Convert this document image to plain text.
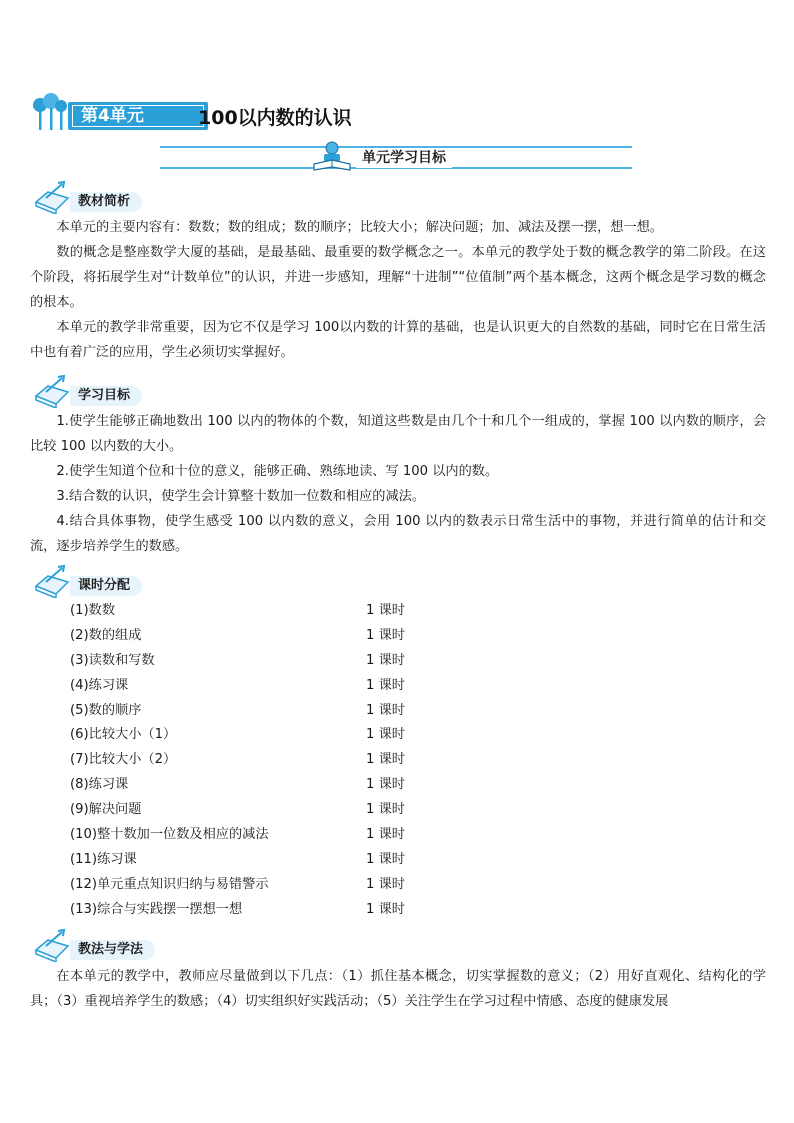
第4单元	100以内数的认识
单元学习目标
教材简析
本单元的主要内容有：数数；数的组成；数的顺序；比较大小；解决问题；加、减法及摆一摆，想一想。
数的概念是整座数学大厦的基础，是最基础、最重要的数学概念之一。本单元的教学处于数的概念教学的第二阶段。在这个阶段，将拓展学生对“计数单位”的认识，并进一步感知，理解“十进制”“位值制”两个基本概念，这两个概念是学习数的概念的根本。
本单元的教学非常重要，因为它不仅是学习 100以内数的计算的基础，也是认识更大的自然数的基础，同时它在日常生活中也有着广泛的应用，学生必须切实掌握好。
学习目标
1.使学生能够正确地数出 100 以内的物体的个数，知道这些数是由几个十和几个一组成的，掌握 100 以内数的顺序，会比较 100 以内数的大小。
2.使学生知道个位和十位的意义，能够正确、熟练地读、写 100 以内的数。
3.结合数的认识，使学生会计算整十数加一位数和相应的减法。
4.结合具体事物，使学生感受 100 以内数的意义，会用 100 以内的数表示日常生活中的事物，并进行简单的估计和交流，逐步培养学生的数感。
课时分配
(1)数数	1 课时
(2)数的组成	1 课时
(3)读数和写数	1 课时
(4)练习课	1 课时
(5)数的顺序	1 课时
(6)比较大小（1）	1 课时
(7)比较大小（2）	1 课时
(8)练习课	1 课时
(9)解决问题	1 课时
(10)整十数加一位数及相应的减法	1 课时
(11)练习课	1 课时
(12)单元重点知识归纳与易错警示	1 课时
(13)综合与实践摆一摆想一想	1 课时
教法与学法
在本单元的教学中，教师应尽量做到以下几点：（1）抓住基本概念，切实掌握数的意义；（2）用好直观化、结构化的学具；（3）重视培养学生的数感；（4）切实组织好实践活动；（5）关注学生在学习过程中情感、态度的健康发展
